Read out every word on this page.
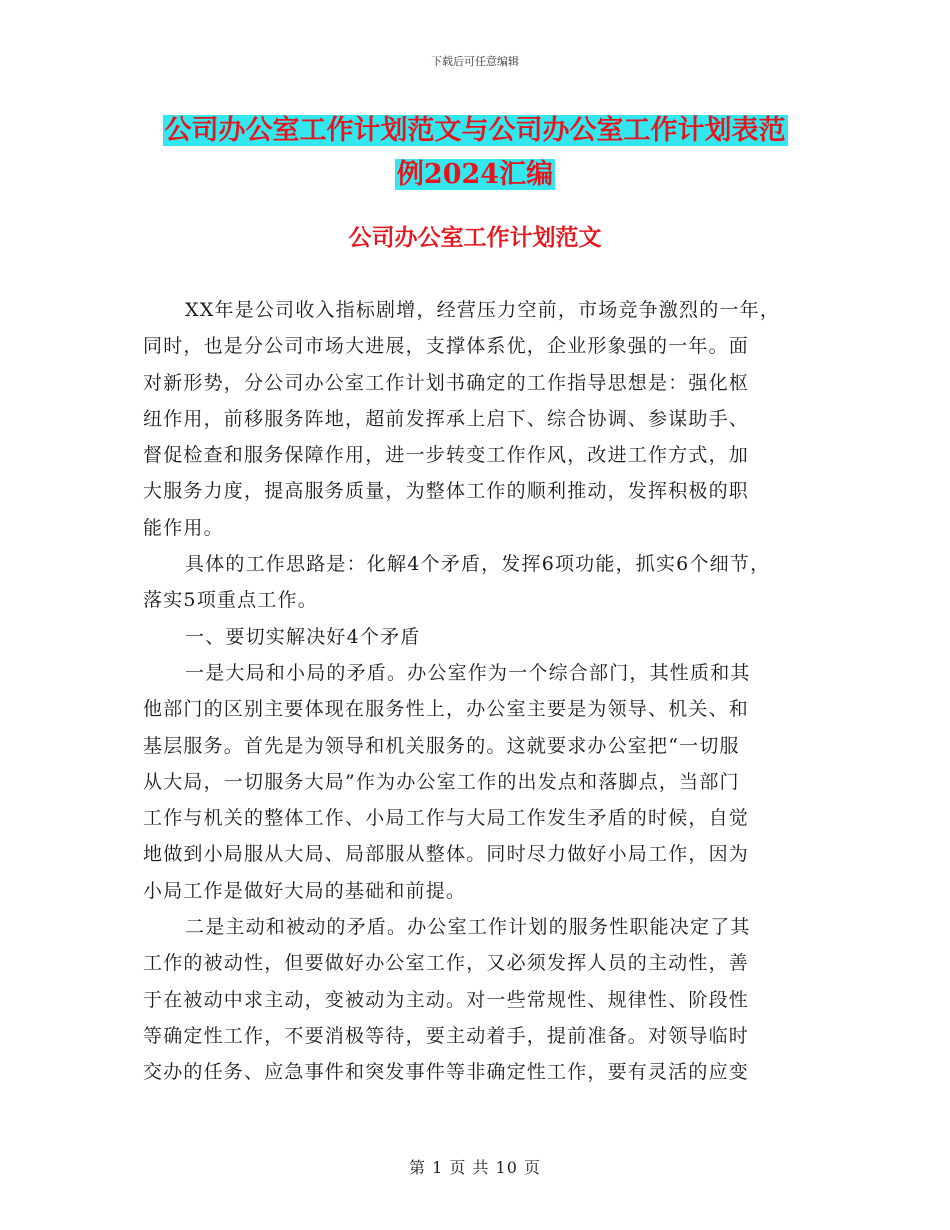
下载后可任意编辑
公司办公室工作计划范文与公司办公室工作计划表范
例2024汇编
公司办公室工作计划范文
XX年是公司收入指标剧增，经营压力空前，市场竞争激烈的一年，
同时，也是分公司市场大进展，支撑体系优，企业形象强的一年。面
对新形势，分公司办公室工作计划书确定的工作指导思想是：强化枢
纽作用，前移服务阵地，超前发挥承上启下、综合协调、参谋助手、
督促检查和服务保障作用，进一步转变工作作风，改进工作方式，加
大服务力度，提高服务质量，为整体工作的顺利推动，发挥积极的职
能作用。
具体的工作思路是：化解4个矛盾，发挥6项功能，抓实6个细节，
落实5项重点工作。
一、要切实解决好4个矛盾
一是大局和小局的矛盾。办公室作为一个综合部门，其性质和其
他部门的区别主要体现在服务性上，办公室主要是为领导、机关、和
基层服务。首先是为领导和机关服务的。这就要求办公室把“一切服
从大局，一切服务大局”作为办公室工作的出发点和落脚点，当部门
工作与机关的整体工作、小局工作与大局工作发生矛盾的时候，自觉
地做到小局服从大局、局部服从整体。同时尽力做好小局工作，因为
小局工作是做好大局的基础和前提。
二是主动和被动的矛盾。办公室工作计划的服务性职能决定了其
工作的被动性，但要做好办公室工作，又必须发挥人员的主动性，善
于在被动中求主动，变被动为主动。对一些常规性、规律性、阶段性
等确定性工作，不要消极等待，要主动着手，提前准备。对领导临时
交办的任务、应急事件和突发事件等非确定性工作，要有灵活的应变
第 1 页 共 10 页
